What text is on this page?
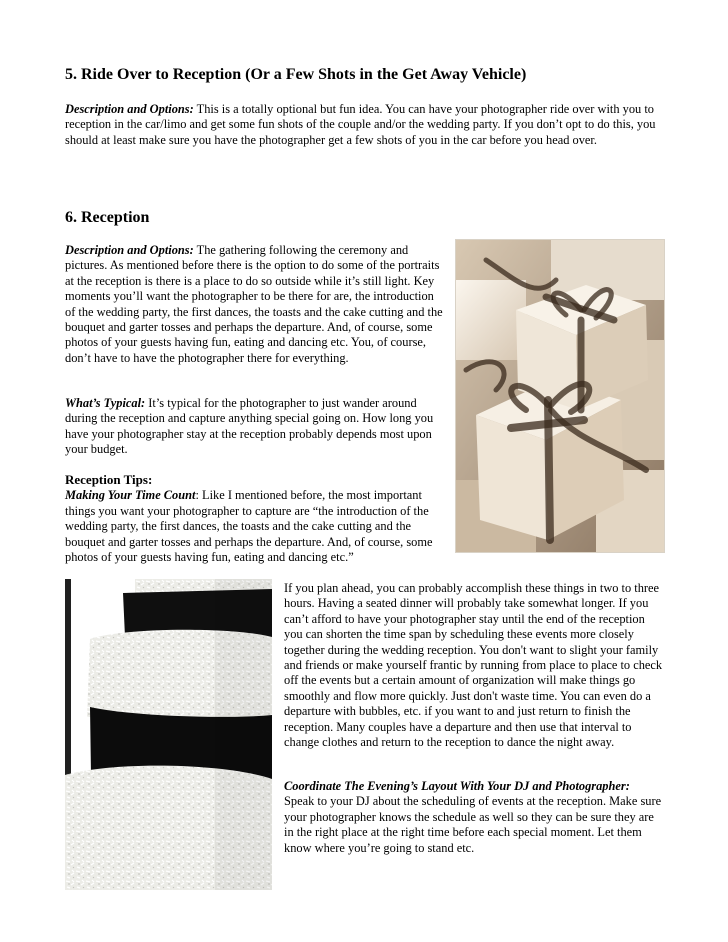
5. Ride Over to Reception (Or a Few Shots in the Get Away Vehicle)

Description and Options: This is a totally optional but fun idea. You can have your photographer ride over with you to reception in the car/limo and get some fun shots of the couple and/or the wedding party. If you don’t opt to do this, you should at least make sure you have the photographer get a few shots of you in the car before you head over.

6. Reception

Description and Options: The gathering following the ceremony and pictures. As mentioned before there is the option to do some of the portraits at the reception is there is a place to do so outside while it’s still light. Key moments you’ll want the photographer to be there for are, the introduction of the wedding party, the first dances, the toasts and the cake cutting and the bouquet and garter tosses and perhaps the departure. And, of course, some photos of your guests having fun, eating and dancing etc. You, of course, don’t have to have the photographer there for everything.

What’s Typical: It’s typical for the photographer to just wander around during the reception and capture anything special going on. How long you have your photographer stay at the reception probably depends most upon your budget.

Reception Tips:
Making Your Time Count: Like I mentioned before, the most important things you want your photographer to capture are “the introduction of the wedding party, the first dances, the toasts and the cake cutting and the bouquet and garter tosses and perhaps the departure. And, of course, some photos of your guests having fun, eating and dancing etc.”

If you plan ahead, you can probably accomplish these things in two to three hours. Having a seated dinner will probably take somewhat longer. If you can’t afford to have your photographer stay until the end of the reception you can shorten the time span by scheduling these events more closely together during the wedding reception. You don't want to slight your family and friends or make yourself frantic by running from place to place to check off the events but a certain amount of organization will make things go smoothly and flow more quickly. Just don't waste time. You can even do a departure with bubbles, etc. if you want to and just return to finish the reception. Many couples have a departure and then use that interval to change clothes and return to the reception to dance the night away.

Coordinate The Evening’s Layout With Your DJ and Photographer:
Speak to your DJ about the scheduling of events at the reception. Make sure your photographer knows the schedule as well so they can be sure they are in the right place at the right time before each special moment. Let them know where you’re going to stand etc.
